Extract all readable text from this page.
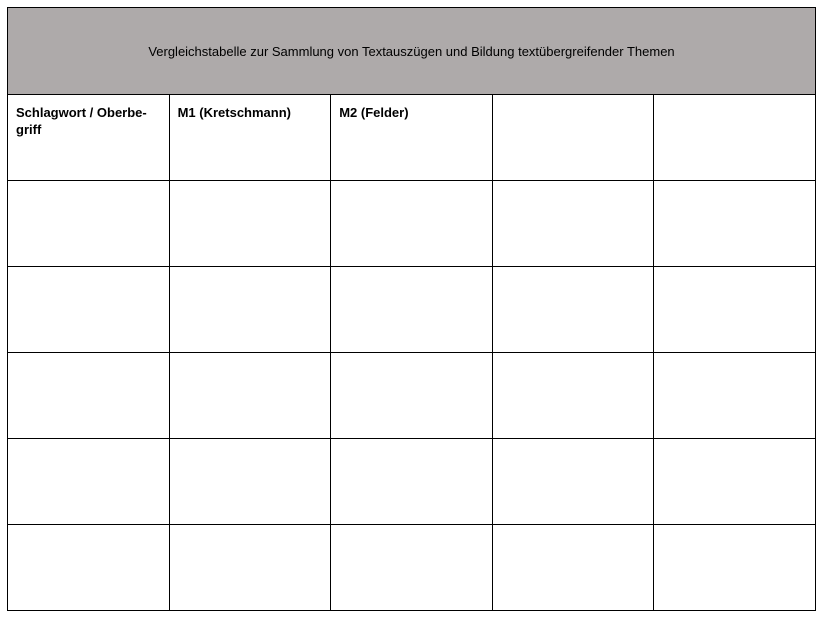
Vergleichstabelle zur Sammlung von Textauszügen und Bildung textübergreifender Themen				
Schlagwort / Oberbe-griff	M1 (Kretschmann)	M2 (Felder)		
